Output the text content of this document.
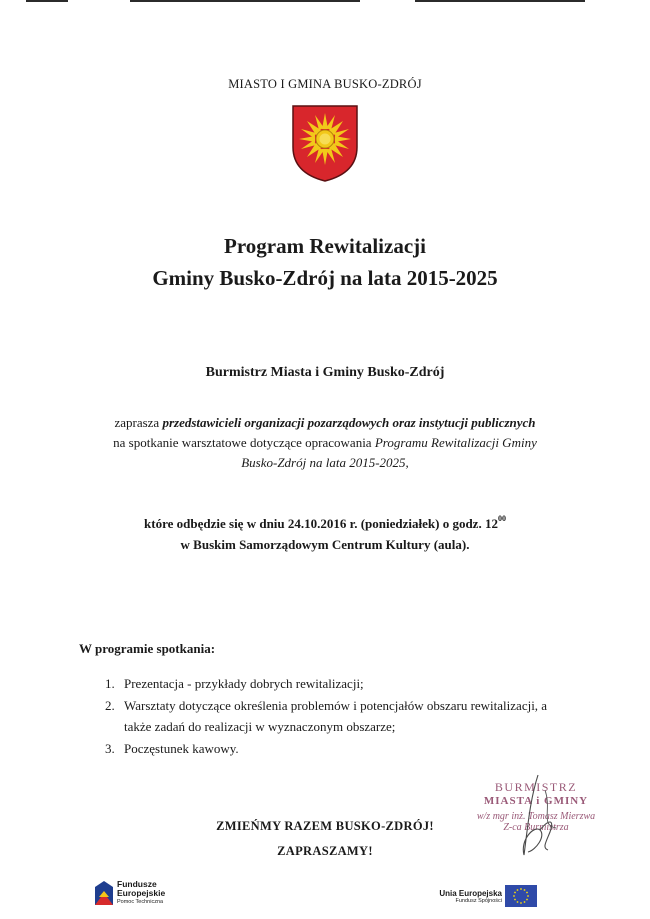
MIASTO I GMINA BUSKO-ZDRÓJ
Program Rewitalizacji
Gminy Busko-Zdrój na lata 2015-2025
Burmistrz Miasta i Gminy Busko-Zdrój
zaprasza przedstawicieli organizacji pozarządowych oraz instytucji publicznych
na spotkanie warsztatowe dotyczące opracowania Programu Rewitalizacji Gminy
Busko-Zdrój na lata 2015-2025,
które odbędzie się w dniu 24.10.2016 r. (poniedziałek) o godz. $12^{00}$
w Buskim Samorządowym Centrum Kultury (aula).
W programie spotkania:
1. Prezentacja - przykłady dobrych rewitalizacji;
2. Warsztaty dotyczące określenia problemów i potencjałów obszaru rewitalizacji, a
także zadań do realizacji w wyznaczonym obszarze;
3. Poczęstunek kawowy.
ZMIEŃMY RAZEM BUSKO-ZDRÓJ!
ZAPRASZAMY!
BURMISTRZ
MIASTA i GMINY
w/z mgr inż. Tomasz Mierzwa
Z-ca Burmistrza
Fundusze
Europejskie
Pomoc Techniczna
Unia Europejska
Fundusz Spójności
